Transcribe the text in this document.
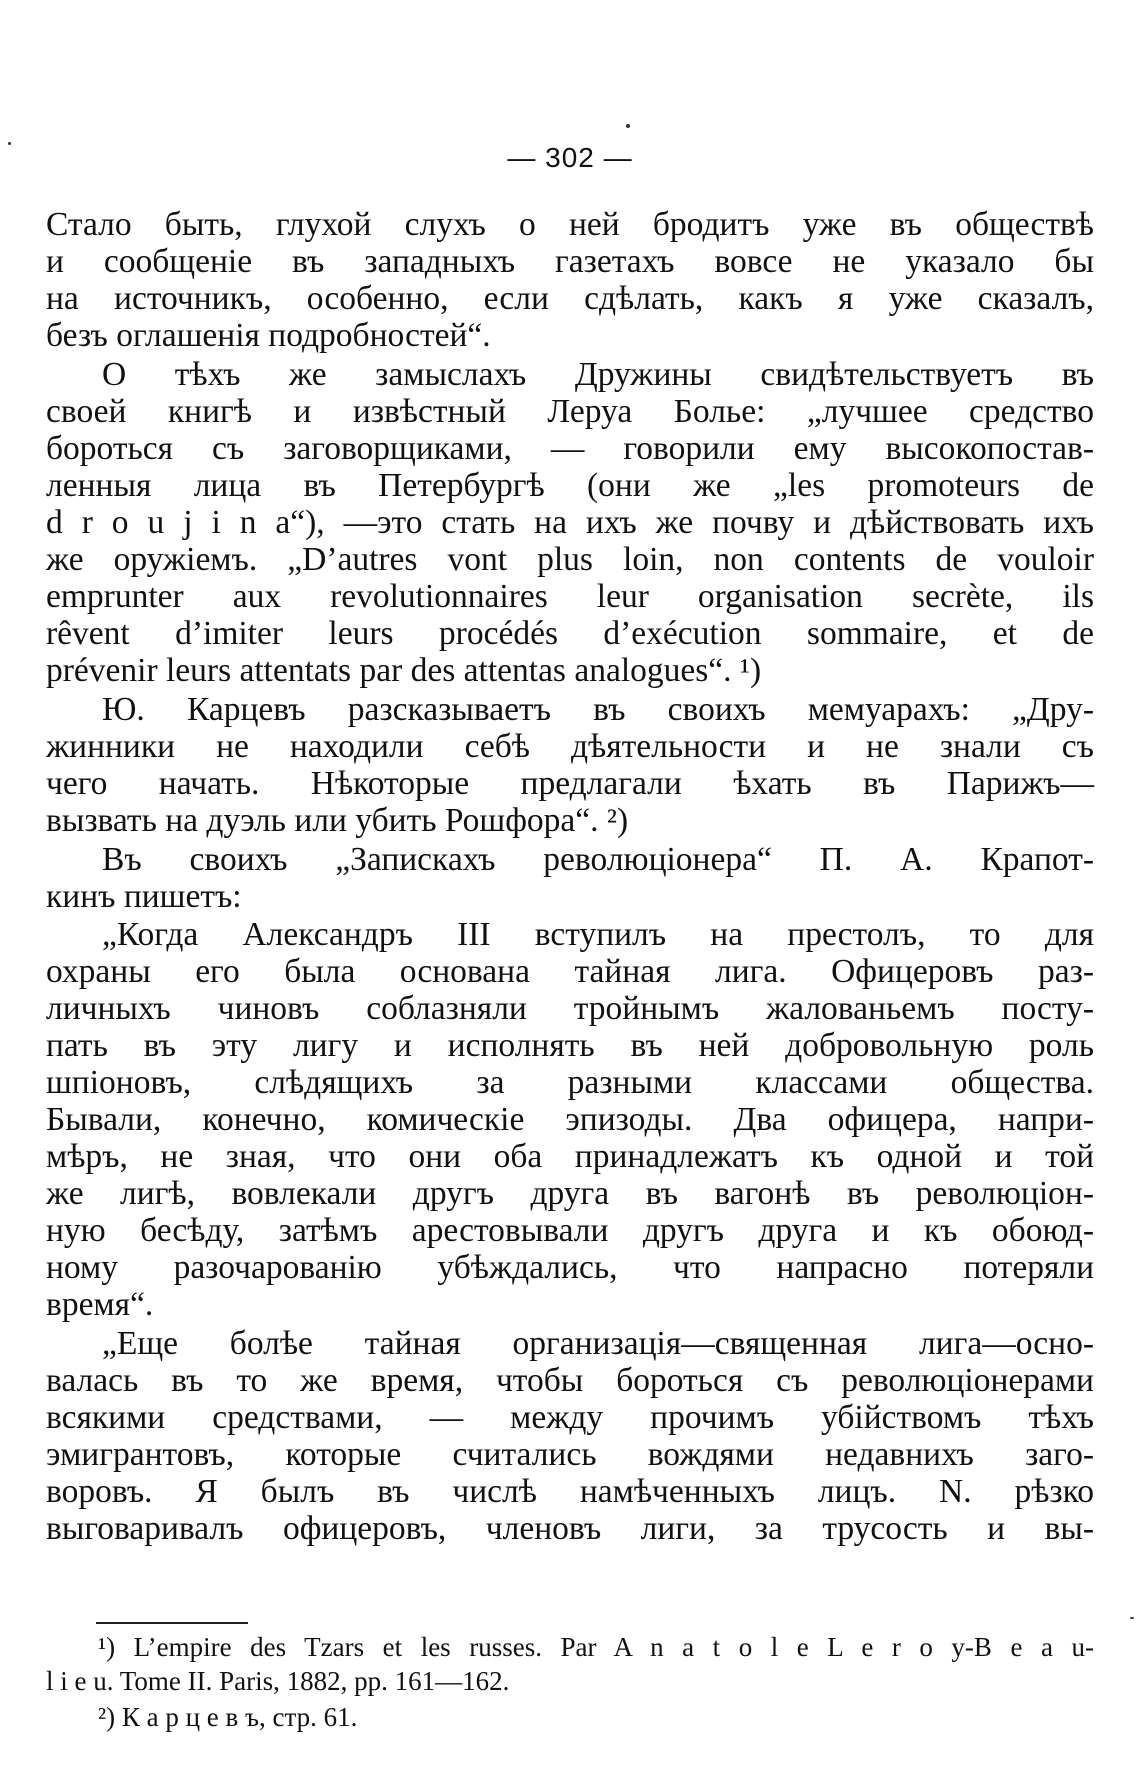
— 302 —
Стало быть, глухой слухъ о ней бродитъ уже въ обществѣ
и сообщенiе въ западныхъ газетахъ вовсе не указало бы
на источникъ, особенно, если сдѣлать, какъ я уже сказалъ,
безъ оглашенiя подробностей“.
О тѣхъ же замыслахъ Дружины свидѣтельствуетъ въ
своей книгѣ и извѣстный Леруа Болье: „лучшее средство
бороться съ заговорщиками, — говорили ему высокопостав-
ленныя лица въ Петербургѣ (они же „les promoteurs de
d r o u j i n a“), —это стать на ихъ же почву и дѣйствовать ихъ
же оружiемъ. „D’autres vont plus loin, non contents de vouloir
emprunter aux revolutionnaires leur organisation secrète, ils
rêvent d’imiter leurs procédés d’exécution sommaire, et de
prévenir leurs attentats par des attentas analogues“. ¹)
Ю. Карцевъ разсказываетъ въ своихъ мемуарахъ: „Дру-
жинники не находили себѣ дѣятельности и не знали съ
чего начать. Нѣкоторые предлагали ѣхать въ Парижъ—
вызвать на дуэль или убить Рошфора“. ²)
Въ своихъ „Запискахъ революцiонера“ П. А. Крапот-
кинъ пишетъ:
„Когда Александръ III вступилъ на престолъ, то для
охраны его была основана тайная лига. Офицеровъ раз-
личныхъ чиновъ соблазняли тройнымъ жалованьемъ посту-
пать въ эту лигу и исполнять въ ней добровольную роль
шпiоновъ, слѣдящихъ за разными классами общества.
Бывали, конечно, комическiе эпизоды. Два офицера, напри-
мѣръ, не зная, что они оба принадлежатъ къ одной и той
же лигѣ, вовлекали другъ друга въ вагонѣ въ революцiон-
ную бесѣду, затѣмъ арестовывали другъ друга и къ обоюд-
ному разочарованiю убѣждались, что напрасно потеряли
время“.
„Еще болѣе тайная организацiя—священная лига—осно-
валась въ то же время, чтобы бороться съ революцiонерами
всякими средствами, — между прочимъ убiйствомъ тѣхъ
эмигрантовъ, которые считались вождями недавнихъ заго-
воровъ. Я былъ въ числѣ намѣченныхъ лицъ. N. рѣзко
выговаривалъ офицеровъ, членовъ лиги, за трусость и вы-
¹) L’empire des Tzars et les russes. Par A n a t o l e L e r o y-B e a u-
l i e u. Tome II. Paris, 1882, pp. 161—162.
²) К а р ц е в ъ, стр. 61.
